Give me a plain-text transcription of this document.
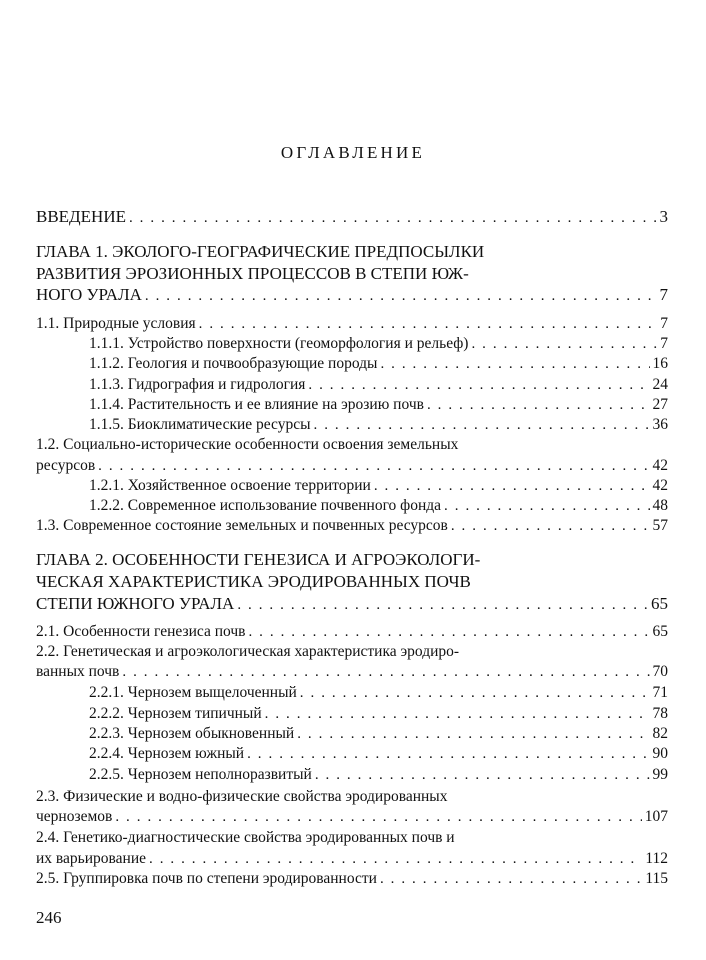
ОГЛАВЛЕНИЕ
ВВЕДЕНИЕ . . .	3
ГЛАВА 1. ЭКОЛОГО-ГЕОГРАФИЧЕСКИЕ ПРЕДПОСЫЛКИ
РАЗВИТИЯ ЭРОЗИОННЫХ ПРОЦЕССОВ В СТЕПИ ЮЖ-
НОГО УРАЛА . . .	7
1.1. Природные условия . . .	7
1.1.1. Устройство поверхности (геоморфология и рельеф) . . .	7
1.1.2. Геология и почвообразующие породы . . .	16
1.1.3. Гидрография и гидрология . . .	24
1.1.4. Растительность и ее влияние на эрозию почв . . .	27
1.1.5. Биоклиматические ресурсы . . .	36
1.2. Социально-исторические особенности освоения земельных
ресурсов . . .	42
1.2.1. Хозяйственное освоение территории . . .	42
1.2.2. Современное использование почвенного фонда . . .	48
1.3. Современное состояние земельных и почвенных ресурсов . . .	57
ГЛАВА 2. ОСОБЕННОСТИ ГЕНЕЗИСА И АГРОЭКОЛОГИ-
ЧЕСКАЯ ХАРАКТЕРИСТИКА ЭРОДИРОВАННЫХ ПОЧВ
СТЕПИ ЮЖНОГО УРАЛА . . .	65
2.1. Особенности генезиса почв . . .	65
2.2. Генетическая и агроэкологическая характеристика эродиро-
ванных почв . . .	70
2.2.1. Чернозем выщелоченный . . .	71
2.2.2. Чернозем типичный . . .	78
2.2.3. Чернозем обыкновенный . . .	82
2.2.4. Чернозем южный . . .	90
2.2.5. Чернозем неполноразвитый . . .	99
2.3. Физические и водно-физические свойства эродированных
черноземов . . .	107
2.4. Генетико-диагностические свойства эродированных почв и
их варьирование . . .	112
2.5. Группировка почв по степени эродированности . . .	115
246
